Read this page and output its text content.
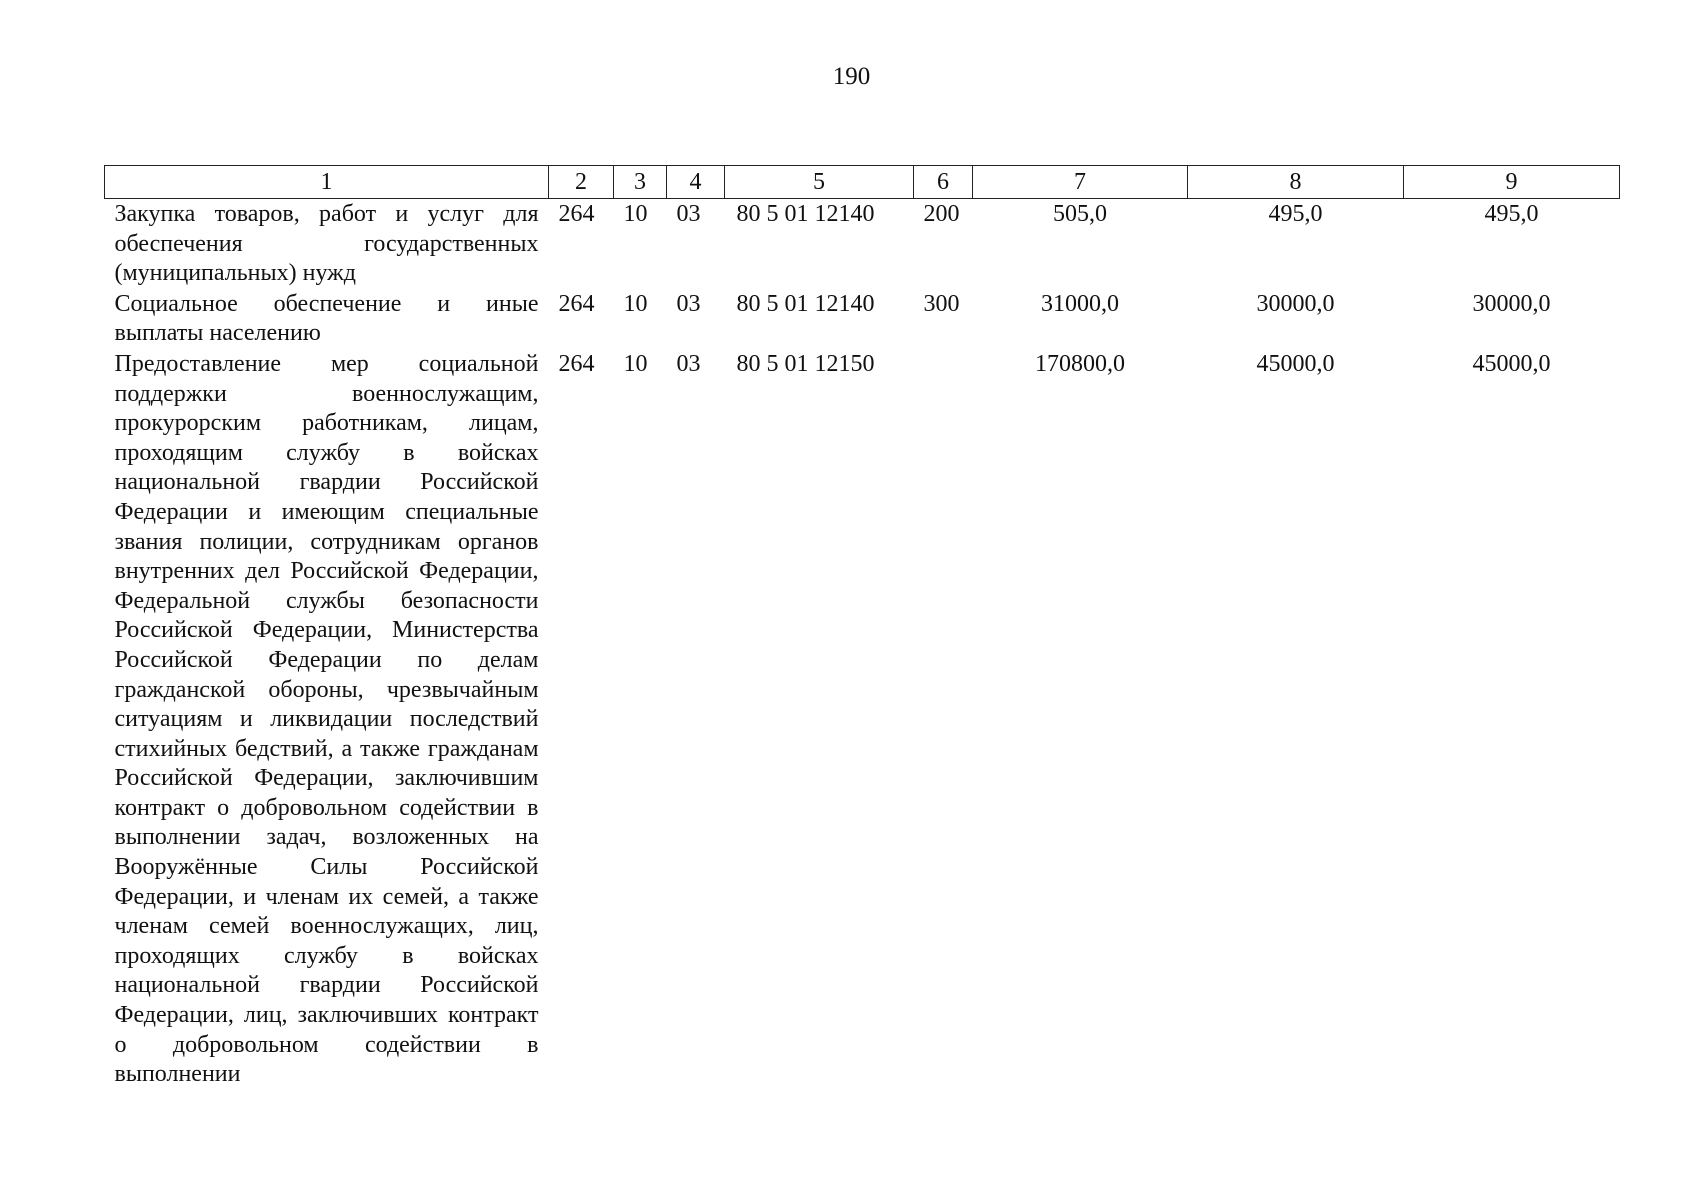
190
1	2	3	4	5	6	7	8	9
Закупка товаров, работ и услуг для обеспечения государственных (муниципальных) нужд	264	10	03	80 5 01 12140	200	505,0	495,0	495,0
Социальное обеспечение и иные выплаты населению	264	10	03	80 5 01 12140	300	31000,0	30000,0	30000,0
Предоставление мер социальной поддержки военнослужащим, прокурорским работникам, лицам, проходящим службу в войсках национальной гвардии Российской Федерации и имеющим специальные звания полиции, сотрудникам органов внутренних дел Российской Федерации, Федеральной службы безопасности Российской Федерации, Министерства Российской Федерации по делам гражданской обороны, чрезвычайным ситуациям и ликвидации последствий стихийных бедствий, а также гражданам Российской Федерации, заключившим контракт о добровольном содействии в выполнении задач, возложенных на Вооружённые Силы Российской Федерации, и членам их семей, а также членам семей военнослужащих, лиц, проходящих службу в войсках национальной гвардии Российской Федерации, лиц, заключивших контракт о добровольном содействии в выполнении	264	10	03	80 5 01 12150		170800,0	45000,0	45000,0
